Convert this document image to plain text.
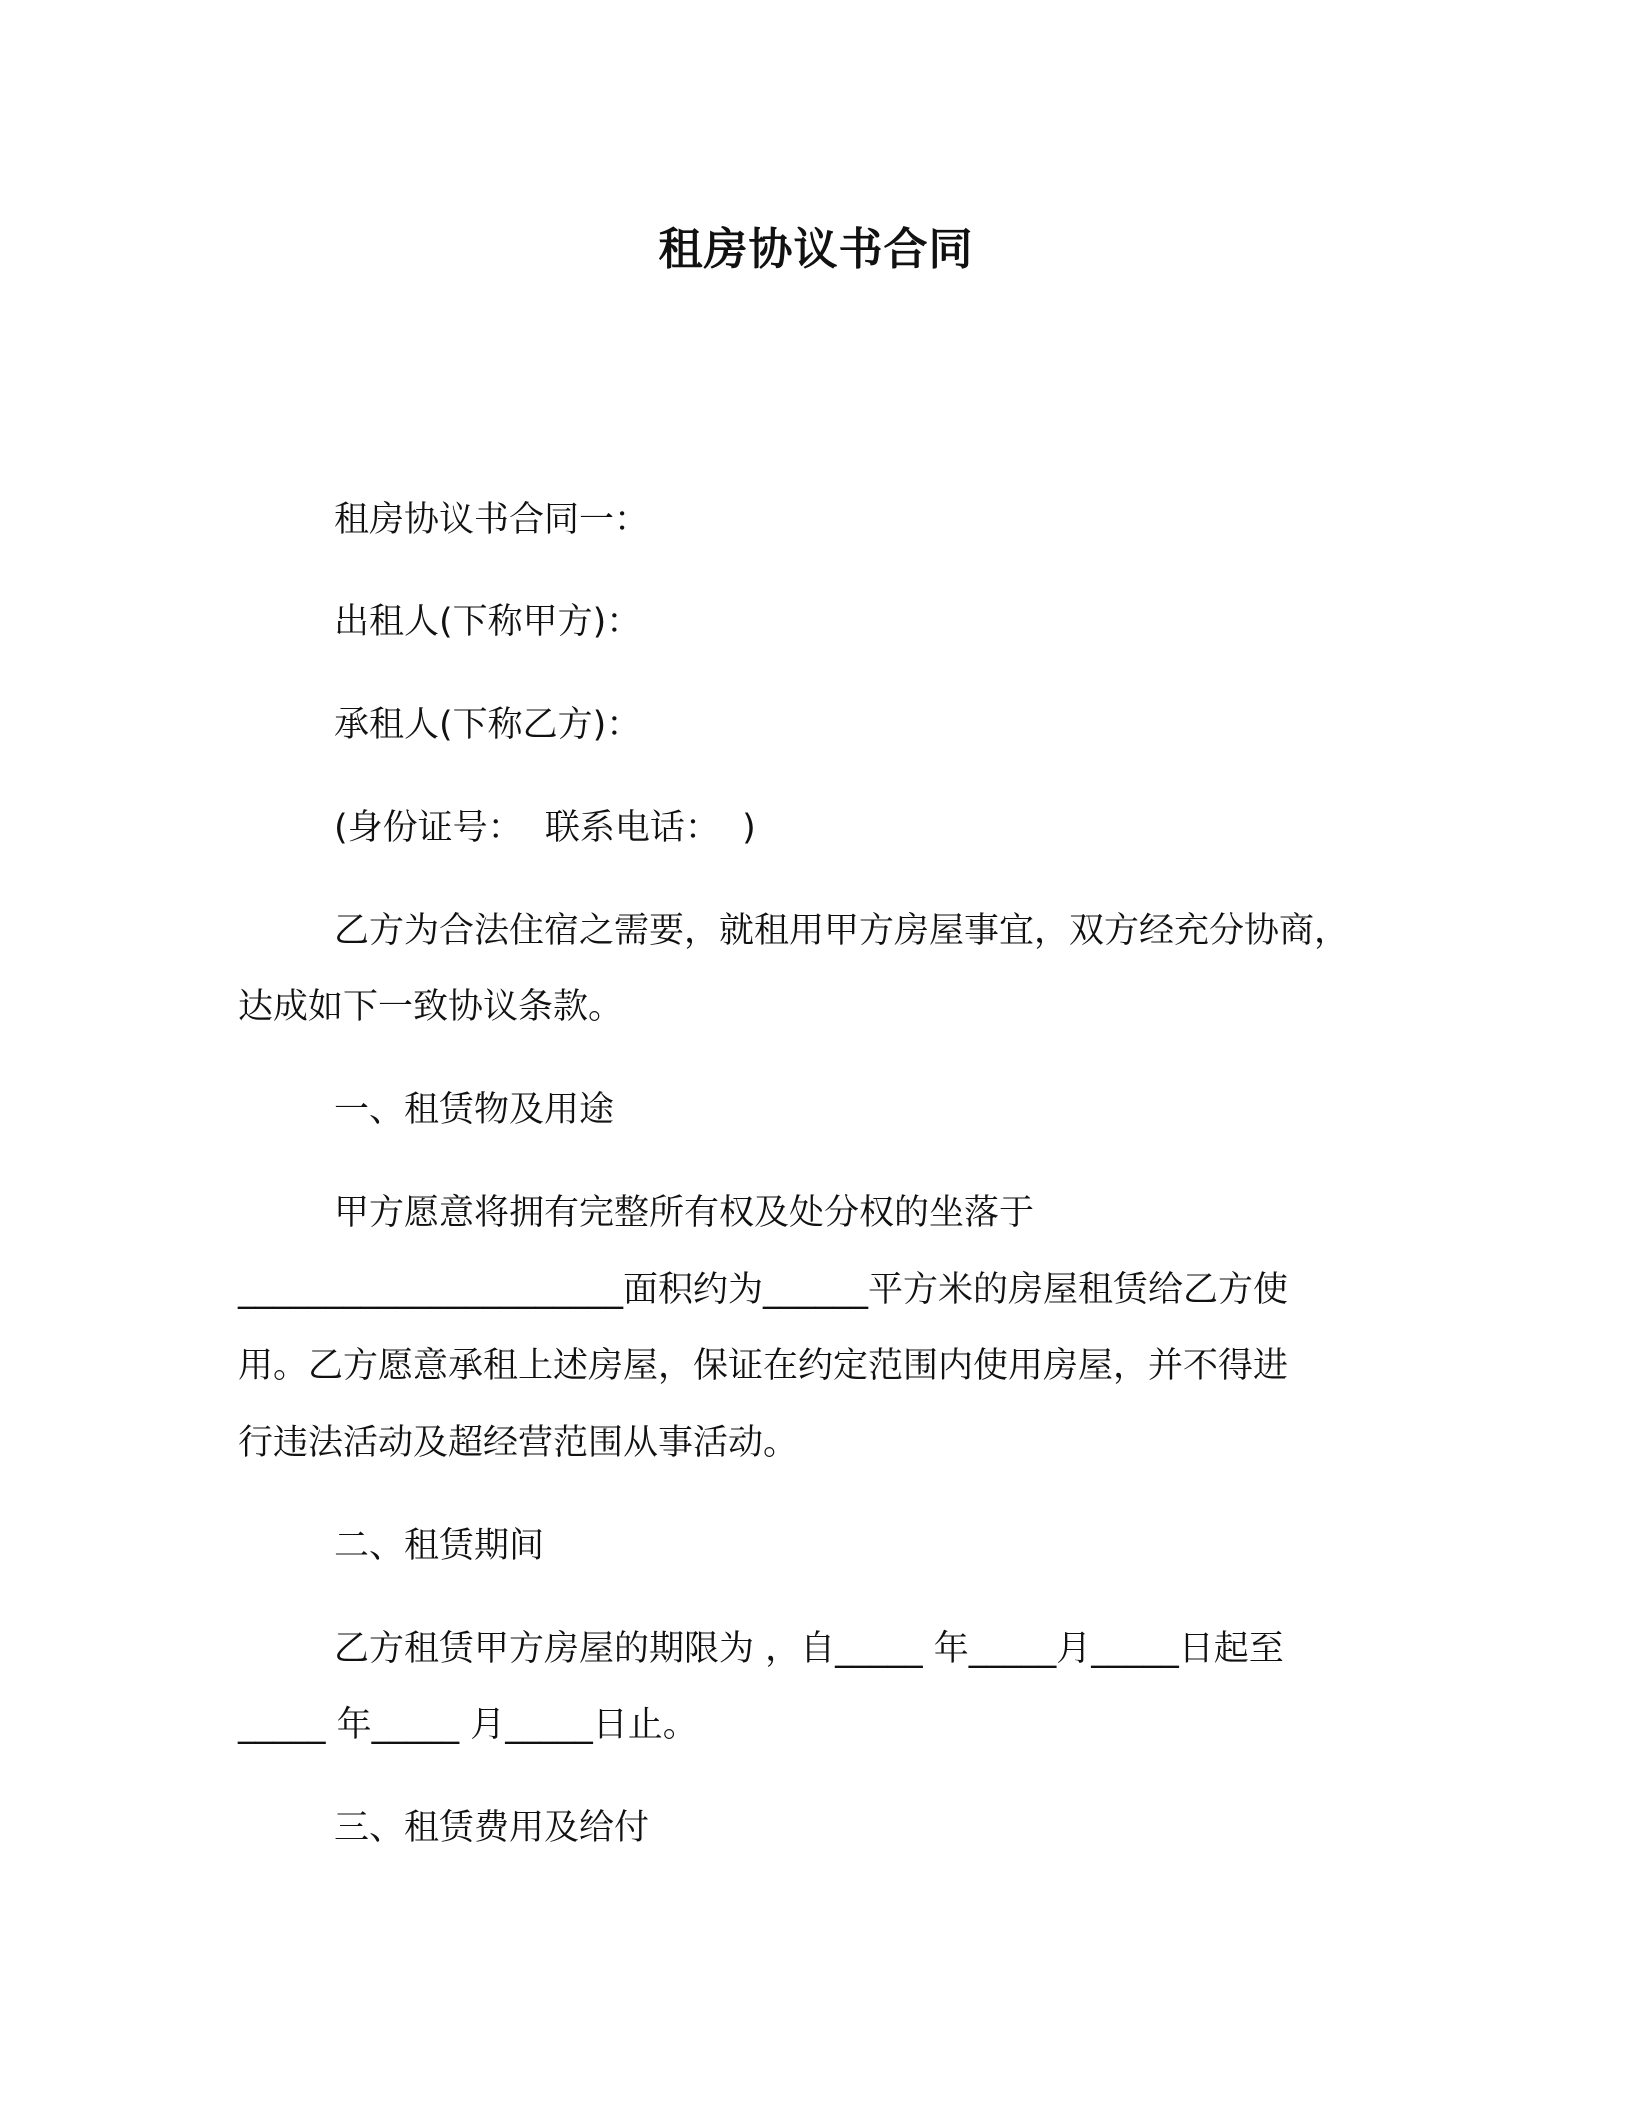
租房协议书合同
租房协议书合同一：
出租人(下称甲方)：
承租人(下称乙方)：
(身份证号：  联系电话：  )
乙方为合法住宿之需要，就租用甲方房屋事宜，双方经充分协商，
达成如下一致协议条款。
一、租赁物及用途
甲方愿意将拥有完整所有权及处分权的坐落于
______________________面积约为______平方米的房屋租赁给乙方使
用。乙方愿意承租上述房屋，保证在约定范围内使用房屋，并不得进
行违法活动及超经营范围从事活动。
二、租赁期间
乙方租赁甲方房屋的期限为 ，自_____ 年_____月_____日起至
_____ 年_____ 月_____日止。
三、租赁费用及给付
